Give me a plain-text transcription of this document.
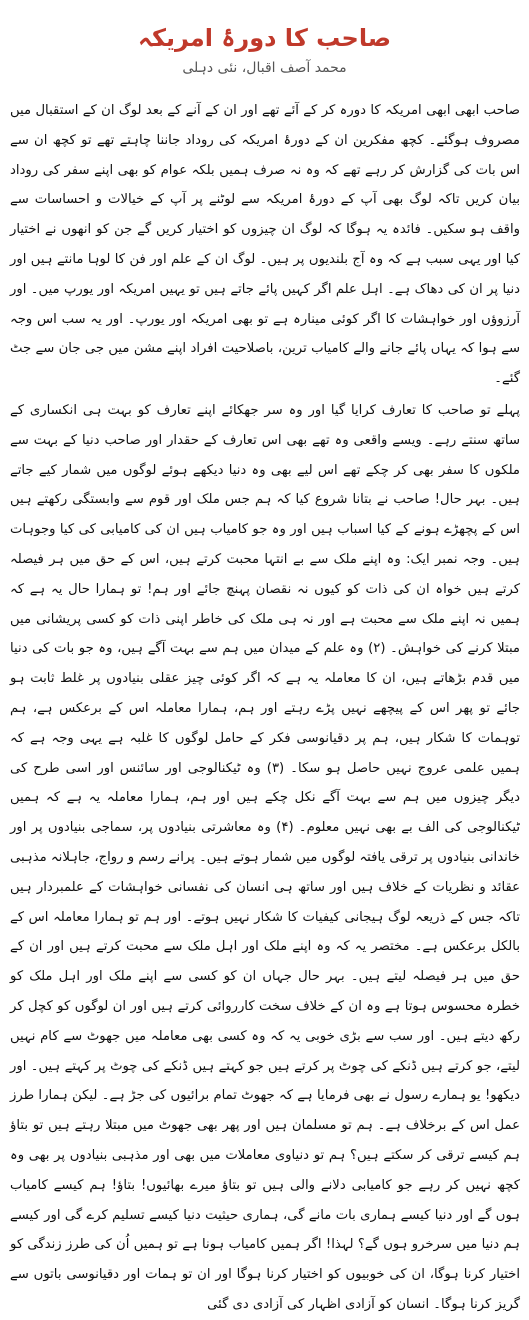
صاحب کا دورۂ امریکہ
محمد آصف اقبال، نئی دہلی

صاحب ابھی ابھی امریکہ کا دورہ کر کے آئے تھے اور ان کے آنے کے بعد لوگ ان کے استقبال میں مصروف ہوگئے۔ کچھ مفکرین ان کے دورۂ امریکہ کی روداد جاننا چاہتے تھے تو کچھ ان سے اس بات کی گزارش کر رہے تھے کہ وہ نہ صرف ہمیں بلکہ عوام کو بھی اپنے سفر کی روداد بیان کریں تاکہ لوگ بھی آپ کے دورۂ امریکہ سے لوٹنے پر آپ کے خیالات و احساسات سے واقف ہو سکیں۔ فائدہ یہ ہوگا کہ لوگ ان چیزوں کو اختیار کریں گے جن کو انھوں نے اختیار کیا اور یہی سبب ہے کہ وہ آج بلندیوں پر ہیں۔ لوگ ان کے علم اور فن کا لوہا مانتے ہیں اور دنیا پر ان کی دھاک ہے۔ اہل علم اگر کہیں پائے جاتے ہیں تو یہیں امریکہ اور یورپ میں۔ اور آرزوؤں اور خواہشات کا اگر کوئی مینارہ ہے تو بھی امریکہ اور یورپ۔ اور یہ سب اس وجہ سے ہوا کہ یہاں پائے جانے والے کامیاب ترین، باصلاحیت افراد اپنے مشن میں جی جان سے جٹ گئے۔

پہلے تو صاحب کا تعارف کرایا گیا اور وہ سر جھکائے اپنے تعارف کو بہت ہی انکساری کے ساتھ سنتے رہے۔ ویسے واقعی وہ تھے بھی اس تعارف کے حقدار اور صاحب دنیا کے بہت سے ملکوں کا سفر بھی کر چکے تھے اس لیے بھی وہ دنیا دیکھے ہوئے لوگوں میں شمار کیے جاتے ہیں۔ بہر حال! صاحب نے بتانا شروع کیا کہ ہم جس ملک اور قوم سے وابستگی رکھتے ہیں اس کے پچھڑے ہونے کے کیا اسباب ہیں اور وہ جو کامیاب ہیں ان کی کامیابی کی کیا وجوہات ہیں۔ وجہ نمبر ایک: وہ اپنے ملک سے بے انتہا محبت کرتے ہیں، اس کے حق میں ہر فیصلہ کرتے ہیں خواہ ان کی ذات کو کیوں نہ نقصان پہنچ جائے اور ہم! تو ہمارا حال یہ ہے کہ ہمیں نہ اپنے ملک سے محبت ہے اور نہ ہی ملک کی خاطر اپنی ذات کو کسی پریشانی میں مبتلا کرنے کی خواہش۔ (۲) وہ علم کے میدان میں ہم سے بہت آگے ہیں، وہ جو بات کی دنیا میں قدم بڑھاتے ہیں، ان کا معاملہ یہ ہے کہ اگر کوئی چیز عقلی بنیادوں پر غلط ثابت ہو جائے تو پھر اس کے پیچھے نہیں پڑے رہتے اور ہم، ہمارا معاملہ اس کے برعکس ہے، ہم توہمات کا شکار ہیں، ہم پر دقیانوسی فکر کے حامل لوگوں کا غلبہ ہے یہی وجہ ہے کہ ہمیں علمی عروج نہیں حاصل ہو سکا۔ (۳) وہ ٹیکنالوجی اور سائنس اور اسی طرح کی دیگر چیزوں میں ہم سے بہت آگے نکل چکے ہیں اور ہم، ہمارا معاملہ یہ ہے کہ ہمیں ٹیکنالوجی کی الف بے بھی نہیں معلوم۔ (۴) وہ معاشرتی بنیادوں پر، سماجی بنیادوں پر اور خاندانی بنیادوں پر ترقی یافتہ لوگوں میں شمار ہوتے ہیں۔ پرانے رسم و رواج، جاہلانہ مذہبی عقائد و نظریات کے خلاف ہیں اور ساتھ ہی انسان کی نفسانی خواہشات کے علمبردار ہیں تاکہ جس کے ذریعہ لوگ ہیجانی کیفیات کا شکار نہیں ہوتے۔ اور ہم تو ہمارا معاملہ اس کے بالکل برعکس ہے۔ مختصر یہ کہ وہ اپنے ملک اور اہل ملک سے محبت کرتے ہیں اور ان کے حق میں ہر فیصلہ لیتے ہیں۔ بہر حال جہاں ان کو کسی سے اپنے ملک اور اہل ملک کو خطرہ محسوس ہوتا ہے وہ ان کے خلاف سخت کارروائی کرتے ہیں اور ان لوگوں کو کچل کر رکھ دیتے ہیں۔ اور سب سے بڑی خوبی یہ کہ وہ کسی بھی معاملہ میں جھوٹ سے کام نہیں لیتے، جو کرتے ہیں ڈنکے کی چوٹ پر کرتے ہیں جو کہتے ہیں ڈنکے کی چوٹ پر کہتے ہیں۔ اور دیکھو! یو ہمارے رسول نے بھی فرمایا ہے کہ جھوٹ تمام برائیوں کی جڑ ہے۔ لیکن ہمارا طرز عمل اس کے برخلاف ہے۔ ہم تو مسلمان ہیں اور پھر بھی جھوٹ میں مبتلا رہتے ہیں تو بتاؤ ہم کیسے ترقی کر سکتے ہیں؟ ہم تو دنیاوی معاملات میں بھی اور مذہبی بنیادوں پر بھی وہ کچھ نہیں کر رہے جو کامیابی دلانے والی ہیں تو بتاؤ میرے بھائیوں! بتاؤ! ہم کیسے کامیاب ہوں گے اور دنیا کیسے ہماری بات مانے گی، ہماری حیثیت دنیا کیسے تسلیم کرے گی اور کیسے ہم دنیا میں سرخرو ہوں گے؟ لہذا! اگر ہمیں کامیاب ہونا ہے تو ہمیں اُن کی طرز زندگی کو اختیار کرنا ہوگا، ان کی خوبیوں کو اختیار کرنا ہوگا اور ان تو ہمات اور دقیانوسی باتوں سے گریز کرنا ہوگا۔ انسان کو آزادی اظہار کی آزادی دی گئی
